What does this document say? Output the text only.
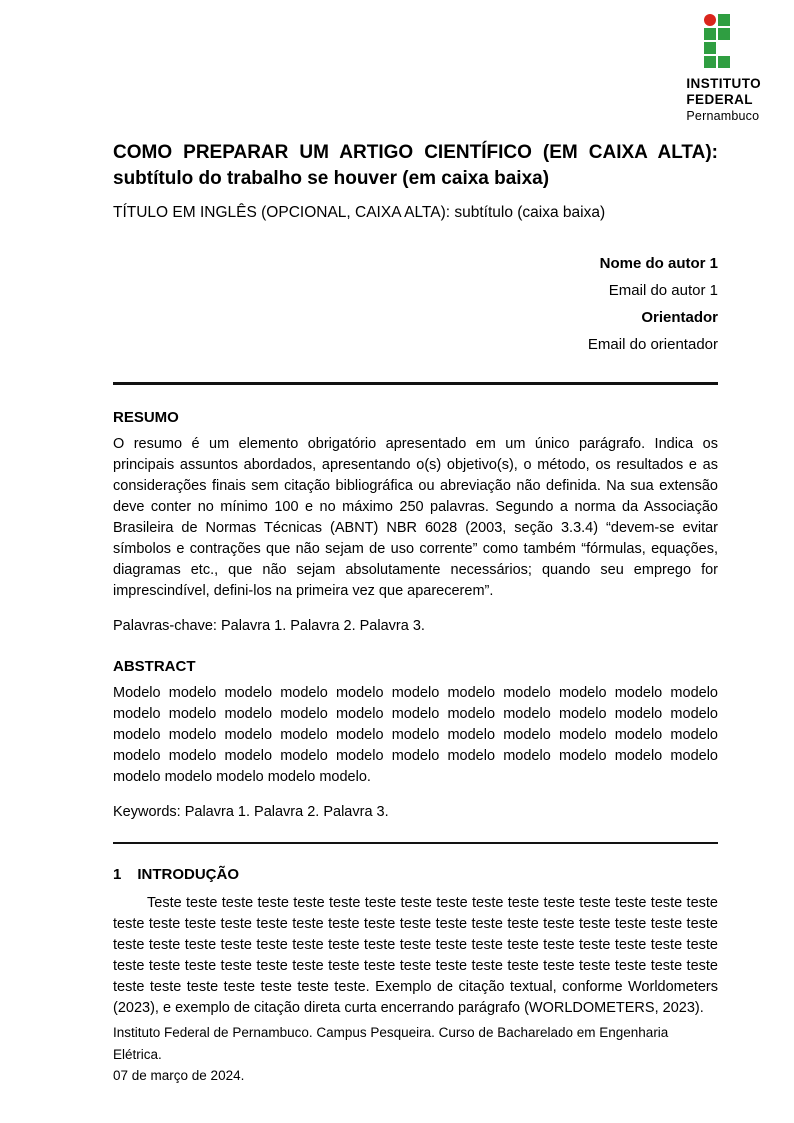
INSTITUTO
FEDERAL
Pernambuco
COMO PREPARAR UM ARTIGO CIENTÍFICO (EM CAIXA ALTA): subtítulo do trabalho se houver (em caixa baixa)
TÍTULO EM INGLÊS (OPCIONAL, CAIXA ALTA): subtítulo (caixa baixa)
Nome do autor 1
Email do autor 1
Orientador
Email do orientador
RESUMO

O resumo é um elemento obrigatório apresentado em um único parágrafo. Indica os principais assuntos abordados, apresentando o(s) objetivo(s), o método, os resultados e as considerações finais sem citação bibliográfica ou abreviação não definida. Na sua extensão deve conter no mínimo 100 e no máximo 250 palavras. Segundo a norma da Associação Brasileira de Normas Técnicas (ABNT) NBR 6028 (2003, seção 3.3.4) “devem-se evitar símbolos e contrações que não sejam de uso corrente” como também “fórmulas, equações, diagramas etc., que não sejam absolutamente necessários; quando seu emprego for imprescindível, defini-los na primeira vez que aparecerem”.

Palavras-chave: Palavra 1. Palavra 2. Palavra 3.

ABSTRACT

Modelo modelo modelo modelo modelo modelo modelo modelo modelo modelo modelo modelo modelo modelo modelo modelo modelo modelo modelo modelo modelo modelo modelo modelo modelo modelo modelo modelo modelo modelo modelo modelo modelo modelo modelo modelo modelo modelo modelo modelo modelo modelo modelo modelo modelo modelo modelo modelo modelo.

Keywords: Palavra 1. Palavra 2. Palavra 3.

1 INTRODUÇÃO

Teste teste teste teste teste teste teste teste teste teste teste teste teste teste teste teste teste teste teste teste teste teste teste teste teste teste teste teste teste teste teste teste teste teste teste teste teste teste teste teste teste teste teste teste teste teste teste teste teste teste teste teste teste teste teste teste teste teste teste teste teste teste teste teste teste teste teste teste teste teste teste teste teste teste. Exemplo de citação textual, conforme Worldometers (2023), e exemplo de citação direta curta encerrando parágrafo (WORLDOMETERS, 2023).

Instituto Federal de Pernambuco. Campus Pesqueira. Curso de Bacharelado em Engenharia Elétrica.
07 de março de 2024.
